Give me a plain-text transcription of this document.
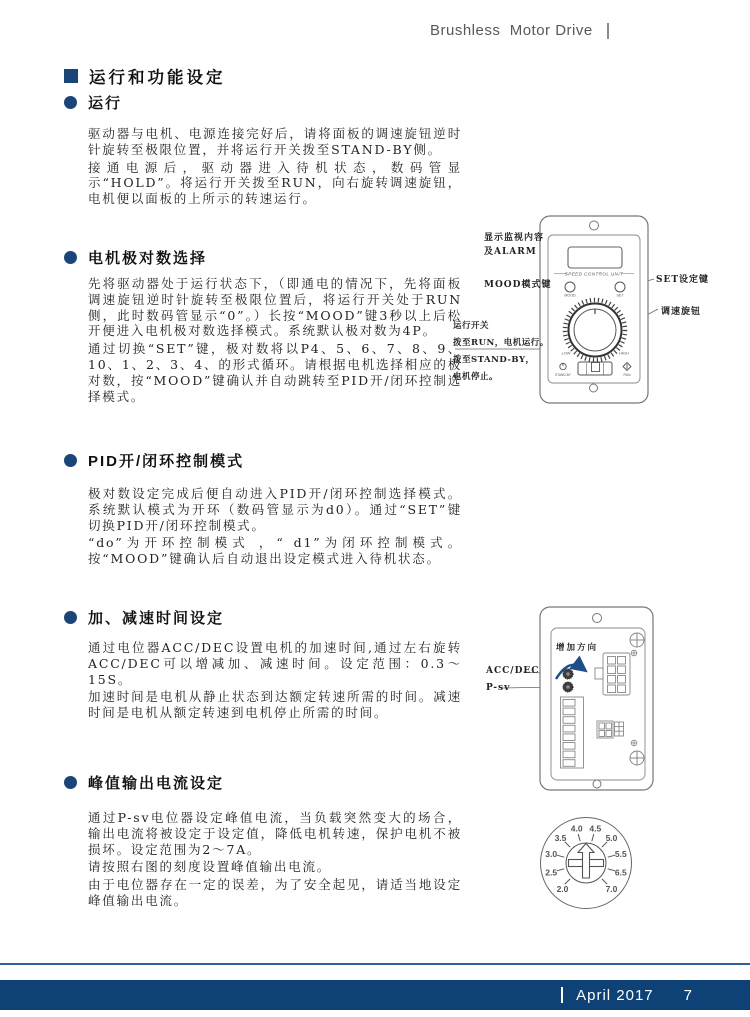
Brushless  Motor Drive
运行和功能设定
运行

驱动器与电机、电源连接完好后，请将面板的调速旋钮逆时针旋转至极限位置，并将运行开关拨至STAND-BY侧。

接通电源后，驱动器进入待机状态，数码管显示“HOLD”。将运行开关拨至RUN，向右旋转调速旋钮，电机便以面板的上所示的转速运行。

电机极对数选择

先将驱动器处于运行状态下，（即通电的情况下，先将面板调速旋钮逆时针旋转至极限位置后，将运行开关处于RUN侧，此时数码管显示“0”。）长按“MOOD”键3秒以上后松开便进入电机极对数选择模式。系统默认极对数为4P。

通过切换“SET”键，极对数将以P4、5、6、7、8、9、10、1、2、3、4、的形式循环。请根据电机选择相应的极对数，按“MOOD”键确认并自动跳转至PID开/闭环控制选择模式。

PID开/闭环控制模式

极对数设定完成后便自动进入PID开/闭环控制选择模式。系统默认模式为开环（数码管显示为d0）。通过“SET”键切换PID开/闭环控制模式。

“do”为开环控制模式 ，“ d1”为闭环控制模式。按“MOOD”键确认后自动退出设定模式进入待机状态。

加、减速时间设定

通过电位器ACC/DEC设置电机的加速时间,通过左右旋转ACC/DEC可以增减加、减速时间。设定范围：0.3～15S。

加速时间是电机从静止状态到达额定转速所需的时间。减速时间是电机从额定转速到电机停止所需的时间。

峰值输出电流设定

通过P-sv电位器设定峰值电流，当负载突然变大的场合，输出电流将被设定于设定值，降低电机转速，保护电机不被损坏。设定范围为2～7A。

请按照右图的刻度设置峰值输出电流。

由于电位器存在一定的误差，为了安全起见，请适当地设定峰值输出电流。

SPEED CONTROL UNIT
MOOD	SET
LOW	HIGH
STAND-BY	RUN
显示监视内容
及ALARM
MOOD模式键	SET设定键
调速旋钮
运行开关
拨至RUN，电机运行。
拨至STAND-BY，
电机停止。
增加方向
ACC/DEC
P-sv
2.0
2.5
3.0
3.5
4.0 4.5
5.0
5.5
6.5
7.0
April 2017 7
